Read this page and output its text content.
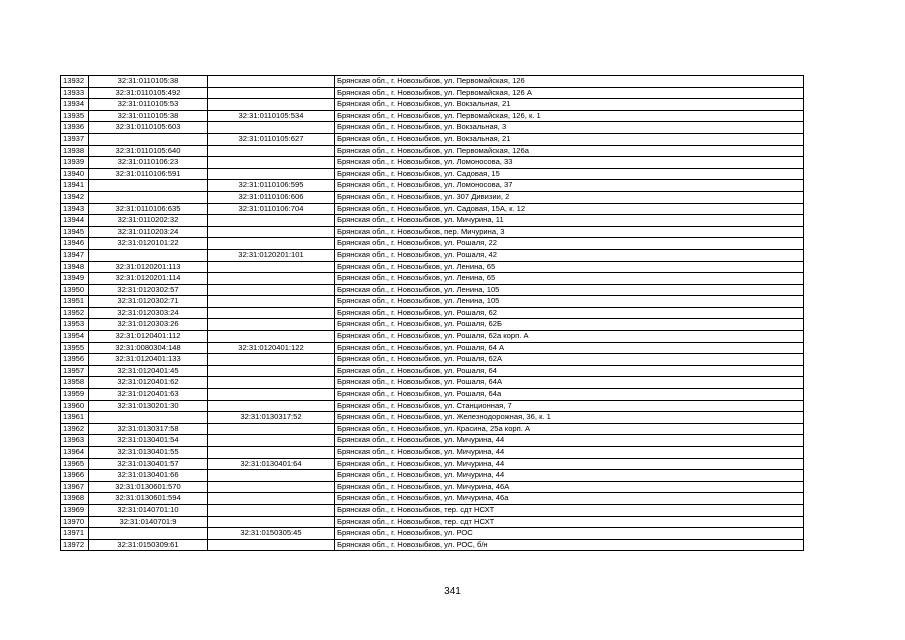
13932	32:31:0110105:38		Брянская обл., г. Новозыбков, ул. Первомайская, 126
13933	32:31:0110105:492		Брянская обл., г. Новозыбков, ул. Первомайская, 126 А
13934	32:31:0110105:53		Брянская обл., г. Новозыбков, ул. Вокзальная, 21
13935	32:31:0110105:38	32:31:0110105:534	Брянская обл., г. Новозыбков, ул. Первомайская, 126, к. 1
13936	32:31:0110105:603		Брянская обл., г. Новозыбков, ул. Вокзальная, 3
13937		32:31:0110105:627	Брянская обл., г. Новозыбков, ул. Вокзальная, 21
13938	32:31:0110105:640		Брянская обл., г. Новозыбков, ул. Первомайская, 126а
13939	32:31:0110106:23		Брянская обл., г. Новозыбков, ул. Ломоносова, 33
13940	32:31:0110106:591		Брянская обл., г. Новозыбков, ул. Садовая, 15
13941		32:31:0110106:595	Брянская обл., г. Новозыбков, ул. Ломоносова, 37
13942		32:31:0110106:606	Брянская обл., г. Новозыбков, ул. 307 Дивизии, 2
13943	32:31:0110106:635	32:31:0110106:704	Брянская обл., г. Новозыбков, ул. Садовая, 15А, к. 12
13944	32:31:0110202:32		Брянская обл., г. Новозыбков, ул. Мичурина, 11
13945	32:31:0110203:24		Брянская обл., г. Новозыбков, пер. Мичурина, 3
13946	32:31:0120101:22		Брянская обл., г. Новозыбков, ул. Рошаля, 22
13947		32:31:0120201:101	Брянская обл., г. Новозыбков, ул. Рошаля, 42
13948	32:31:0120201:113		Брянская обл., г. Новозыбков, ул. Ленина, 65
13949	32:31:0120201:114		Брянская обл., г. Новозыбков, ул. Ленина, 65
13950	32:31:0120302:57		Брянская обл., г. Новозыбков, ул. Ленина, 105
13951	32:31:0120302:71		Брянская обл., г. Новозыбков, ул. Ленина, 105
13952	32:31:0120303:24		Брянская обл., г. Новозыбков, ул. Рошаля, 62
13953	32:31:0120303:26		Брянская обл., г. Новозыбков, ул. Рошаля, 62Б
13954	32:31:0120401:112		Брянская обл., г. Новозыбков, ул. Рошаля, 62а корп. А
13955	32:31:0080304:148	32:31:0120401:122	Брянская обл., г. Новозыбков, ул. Рошаля, 64 А
13956	32:31:0120401:133		Брянская обл., г. Новозыбков, ул. Рошаля, 62А
13957	32:31:0120401:45		Брянская обл., г. Новозыбков, ул. Рошаля, 64
13958	32:31:0120401:62		Брянская обл., г. Новозыбков, ул. Рошаля, 64А
13959	32:31:0120401:63		Брянская обл., г. Новозыбков, ул. Рошаля, 64а
13960	32:31:0130201:30		Брянская обл., г. Новозыбков, ул. Станционная, 7
13961		32:31:0130317:52	Брянская обл., г. Новозыбков, ул. Железнодорожная, 36, к. 1
13962	32:31:0130317:58		Брянская обл., г. Новозыбков, ул. Красина, 25а корп. А
13963	32:31:0130401:54		Брянская обл., г. Новозыбков, ул. Мичурина, 44
13964	32:31:0130401:55		Брянская обл., г. Новозыбков, ул. Мичурина, 44
13965	32:31:0130401:57	32:31:0130401:64	Брянская обл., г. Новозыбков, ул. Мичурина, 44
13966	32:31:0130401:66		Брянская обл., г. Новозыбков, ул. Мичурина, 44
13967	32:31:0130601:570		Брянская обл., г. Новозыбков, ул. Мичурина, 46А
13968	32:31:0130601:594		Брянская обл., г. Новозыбков, ул. Мичурина, 46а
13969	32:31:0140701:10		Брянская обл., г. Новозыбков, тер. сдт НСХТ
13970	32:31:0140701:9		Брянская обл., г. Новозыбков, тер. сдт НСХТ
13971		32:31:0150305:45	Брянская обл., г. Новозыбков, ул. РОС
13972	32:31:0150309:61		Брянская обл., г. Новозыбков, ул. РОС, б/н
341
